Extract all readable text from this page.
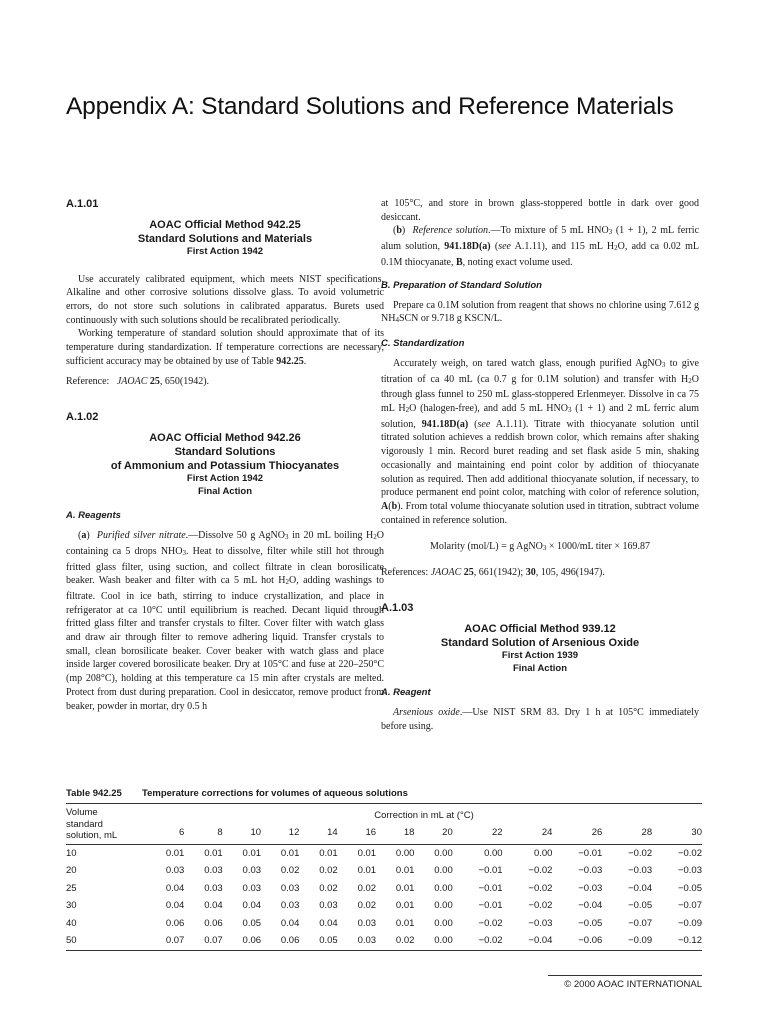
Appendix A: Standard Solutions and Reference Materials
A.1.01
AOAC Official Method 942.25
Standard Solutions and Materials
First Action 1942

Use accurately calibrated equipment, which meets NIST specifications. Alkaline and other corrosive solutions dissolve glass. To avoid volumetric errors, do not store such solutions in calibrated apparatus. Burets used continuously with such solutions should be recalibrated periodically.

Working temperature of standard solution should approximate that of its temperature during standardization. If temperature corrections are necessary, sufficient accuracy may be obtained by use of Table 942.25.

Reference: JAOAC 25, 650(1942).

A.1.02
AOAC Official Method 942.26
Standard Solutions
of Ammonium and Potassium Thiocyanates
First Action 1942
Final Action
A. Reagents

(a) Purified silver nitrate.—Dissolve 50 g AgNO$_3$ in 20 mL boiling $H_2O$ containing ca 5 drops $NHO_3$. Heat to dissolve, filter while still hot through fritted glass filter, using suction, and collect filtrate in clean borosilicate beaker. Wash beaker and filter with ca 5 mL hot $H_2O$, adding washings to filtrate. Cool in ice bath, stirring to induce crystallization, and place in refrigerator at ca 10°C until equilibrium is reached. Decant liquid through fritted glass filter and transfer crystals to filter. Cover filter with watch glass and draw air through filter to remove adhering liquid. Transfer crystals to small, clean borosilicate beaker. Cover beaker with watch glass and place inside larger covered borosilicate beaker. Dry at 105°C and fuse at 220–250°C (mp 208°C), holding at this temperature ca 15 min after crystals are melted. Protect from dust during preparation. Cool in desiccator, remove product from beaker, powder in mortar, dry 0.5 h

at 105°C, and store in brown glass-stoppered bottle in dark over good desiccant.

(b) Reference solution.—To mixture of 5 mL $HNO_3$ (1 + 1), 2 mL ferric alum solution, 941.18D(a) (see A.1.11), and 115 mL $H_2O$, add ca 0.02 mL 0.1M thiocyanate, B, noting exact volume used.

B. Preparation of Standard Solution

Prepare ca 0.1M solution from reagent that shows no chlorine using 7.612 g $NH_4SCN$ or 9.718 g KSCN/L.

C. Standardization

Accurately weigh, on tared watch glass, enough purified AgNO$_3$ to give titration of ca 40 mL (ca 0.7 g for 0.1M solution) and transfer with $H_2O$ through glass funnel to 250 mL glass-stoppered Erlenmeyer. Dissolve in ca 75 mL $H_2O$ (halogen-free), and add 5 mL $HNO_3$ (1 + 1) and 2 mL ferric alum solution, 941.18D(a) (see A.1.11). Titrate with thiocyanate solution until titrated solution achieves a reddish brown color, which remains after shaking vigorously 1 min. Record buret reading and set flask aside 5 min, shaking occasionally and maintaining end point color by addition of thiocyanate solution as required. Then add additional thiocyanate solution, if necessary, to produce permanent end point color, matching with color of reference solution, A(b). From total volume thiocyanate solution used in titration, subtract volume contained in reference solution.

Molarity (mol/L) = g AgNO$_3$ × 1000/mL titer × 169.87

References: JAOAC 25, 661(1942); 30, 105, 496(1947).

A.1.03
AOAC Official Method 939.12
Standard Solution of Arsenious Oxide
First Action 1939
Final Action
A. Reagent

Arsenious oxide.—Use NIST SRM 83. Dry 1 h at 105°C immediately before using.

Table 942.25 Temperature corrections for volumes of aqueous solutions
Volume
standard
solution, mL	Correction in mL at (°C)												
	6	8	10	12	14	16	18	20	22	24	26	28	30
10	0.01	0.01	0.01	0.01	0.01	0.01	0.00	0.00	0.00	0.00	−0.01	−0.02	−0.02
20	0.03	0.03	0.03	0.02	0.02	0.01	0.01	0.00	−0.01	−0.02	−0.03	−0.03	−0.03
25	0.04	0.03	0.03	0.03	0.02	0.02	0.01	0.00	−0.01	−0.02	−0.03	−0.04	−0.05
30	0.04	0.04	0.04	0.03	0.03	0.02	0.01	0.00	−0.01	−0.02	−0.04	−0.05	−0.07
40	0.06	0.06	0.05	0.04	0.04	0.03	0.01	0.00	−0.02	−0.03	−0.05	−0.07	−0.09
50	0.07	0.07	0.06	0.06	0.05	0.03	0.02	0.00	−0.02	−0.04	−0.06	−0.09	−0.12

© 2000 AOAC INTERNATIONAL
